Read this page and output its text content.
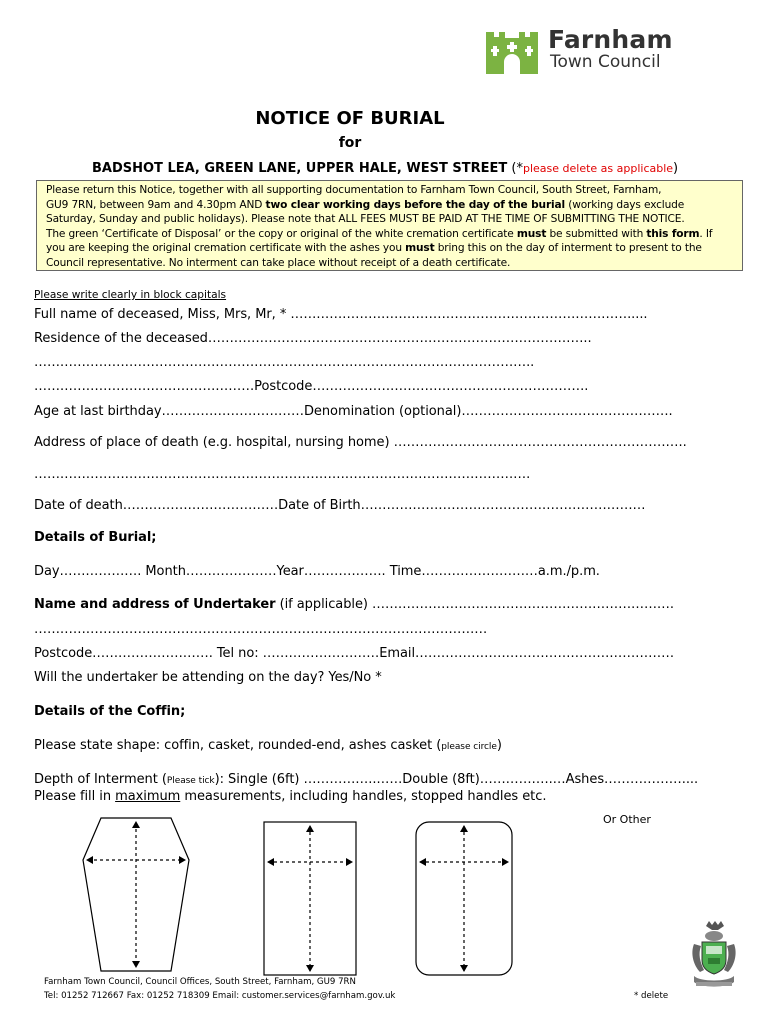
Farnham
Town Council
NOTICE OF BURIAL
for
BADSHOT LEA, GREEN LANE, UPPER HALE, WEST STREET (*please delete as applicable)
Please return this Notice, together with all supporting documentation to Farnham Town Council, South Street, Farnham,
GU9 7RN, between 9am and 4.30pm AND two clear working days before the day of the burial (working days exclude
Saturday, Sunday and public holidays). Please note that ALL FEES MUST BE PAID AT THE TIME OF SUBMITTING THE NOTICE.
The green ‘Certificate of Disposal’ or the copy or original of the white cremation certificate must be submitted with this form. If
you are keeping the original cremation certificate with the ashes you must bring this on the day of interment to present to the
Council representative. No interment can take place without receipt of a death certificate.
Please write clearly in block capitals
Full name of deceased, Miss, Mrs, Mr, * …………………………………………………………………….....
Residence of the deceased……………………………………………………………………………..
……………………………………………………………………………………………………..
……………………………………………Postcode……………………………………………………….
Age at last birthday……………………………Denomination (optional)………………………………………….
Address of place of death (e.g. hospital, nursing home) …………………………………………………………..
…………………………………………………………………………………………………….
Date of death………………………………Date of Birth…………………………………………………………
Details of Burial;
Day………………. Month…………………Year………………. Time………………………a.m./p.m.
Name and address of Undertaker (if applicable) …………………………………………………………….
……………………………………………………………………………………………
Postcode………………………. Tel no: ………………………Email……………………………………………………
Will the undertaker be attending on the day? Yes/No *
Details of the Coffin;
Please state shape: coffin, casket, rounded-end, ashes casket (please circle)
Depth of Interment (Please tick): Single (6ft) ……………..……Double (8ft)……………..…Ashes………………....
Please fill in maximum measurements, including handles, stopped handles etc.
Or Other
Farnham Town Council, Council Offices, South Street, Farnham, GU9 7RN
Tel: 01252 712667 Fax: 01252 718309 Email: customer.services@farnham.gov.uk	* delete
